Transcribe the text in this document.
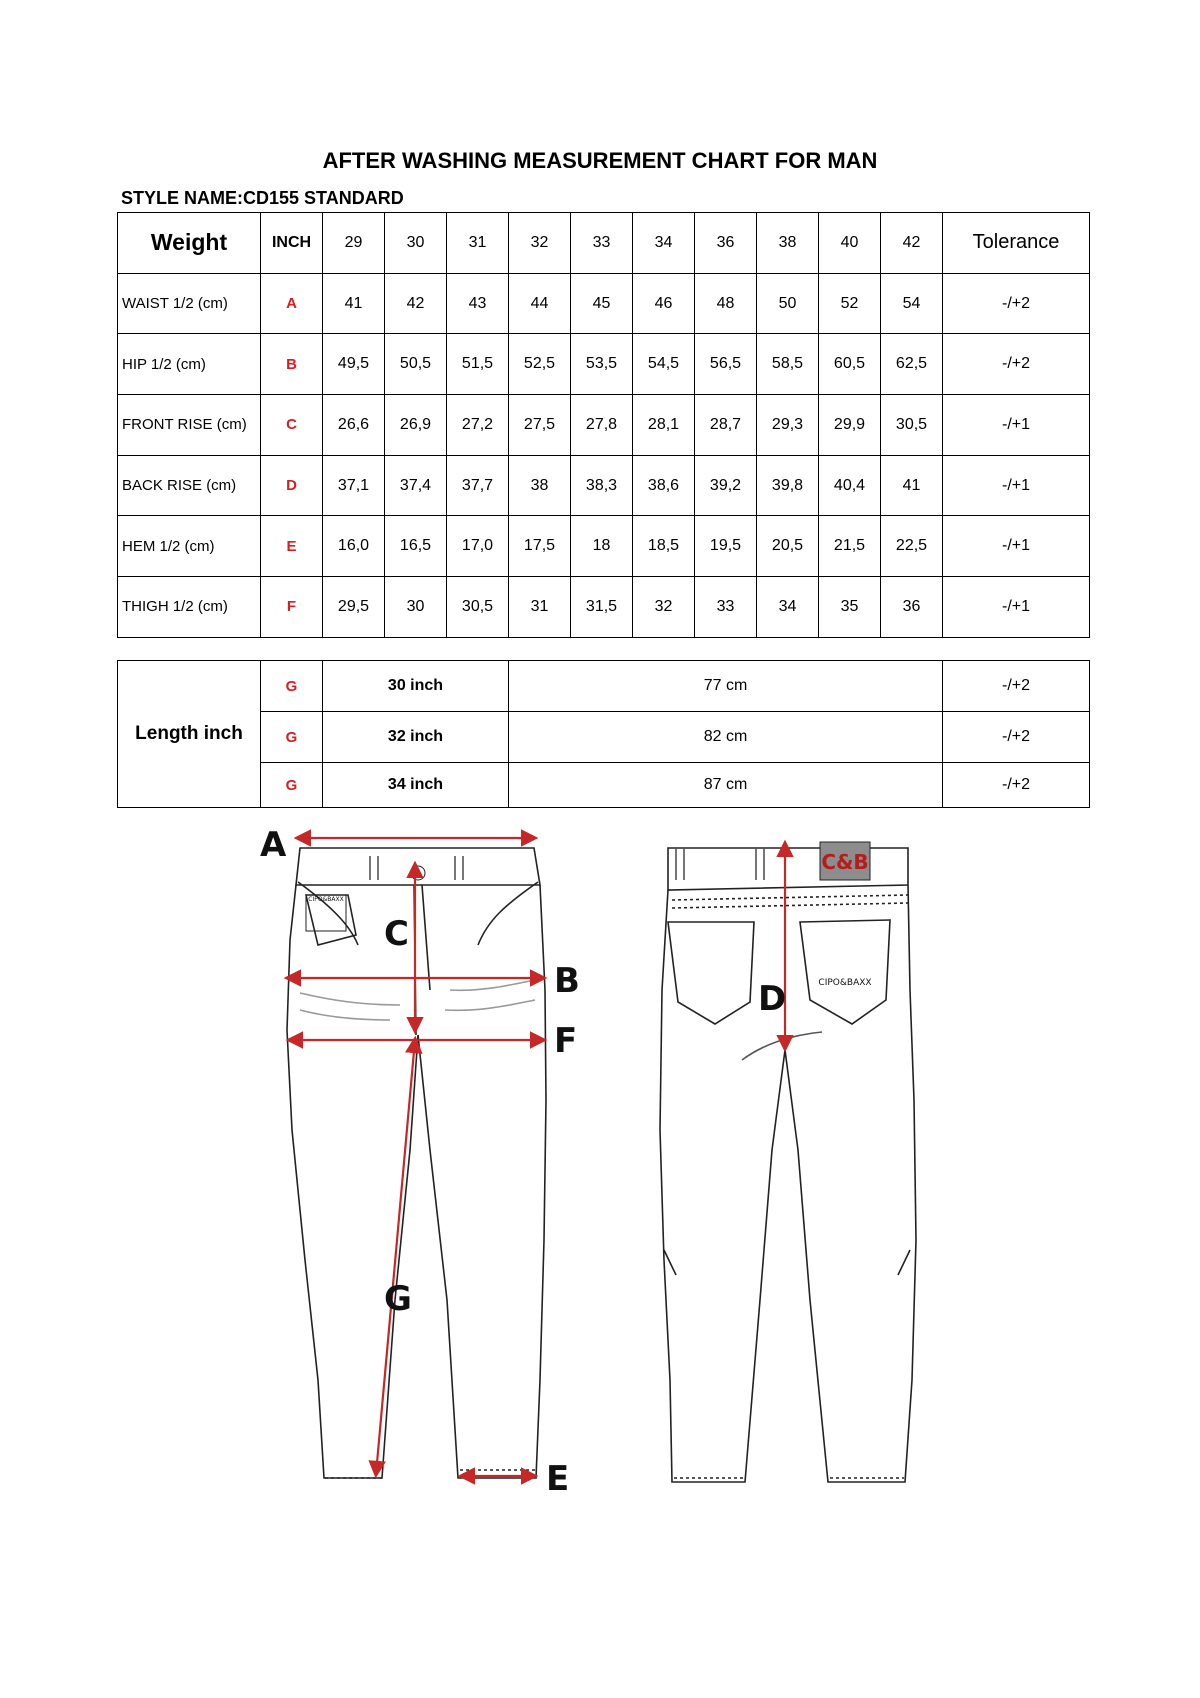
AFTER WASHING MEASUREMENT CHART FOR MAN
STYLE NAME:CD155 STANDARD
Weight	INCH	29	30	31	32	33	34	36	38	40	42	Tolerance
WAIST 1/2 (cm)	A	41	42	43	44	45	46	48	50	52	54	-/+2
HIP 1/2 (cm)	B	49,5	50,5	51,5	52,5	53,5	54,5	56,5	58,5	60,5	62,5	-/+2
FRONT RISE (cm)	C	26,6	26,9	27,2	27,5	27,8	28,1	28,7	29,3	29,9	30,5	-/+1
BACK RISE (cm)	D	37,1	37,4	37,7	38	38,3	38,6	39,2	39,8	40,4	41	-/+1
HEM 1/2 (cm)	E	16,0	16,5	17,0	17,5	18	18,5	19,5	20,5	21,5	22,5	-/+1
THIGH 1/2 (cm)	F	29,5	30	30,5	31	31,5	32	33	34	35	36	-/+1
Length inch	G	30 inch	77 cm	-/+2
	G	32 inch	82 cm	-/+2
	G	34 inch	87 cm	-/+2
CIPO&BAXX
A
C
B
F
G
E
C&B
CIPO&BAXX
D
